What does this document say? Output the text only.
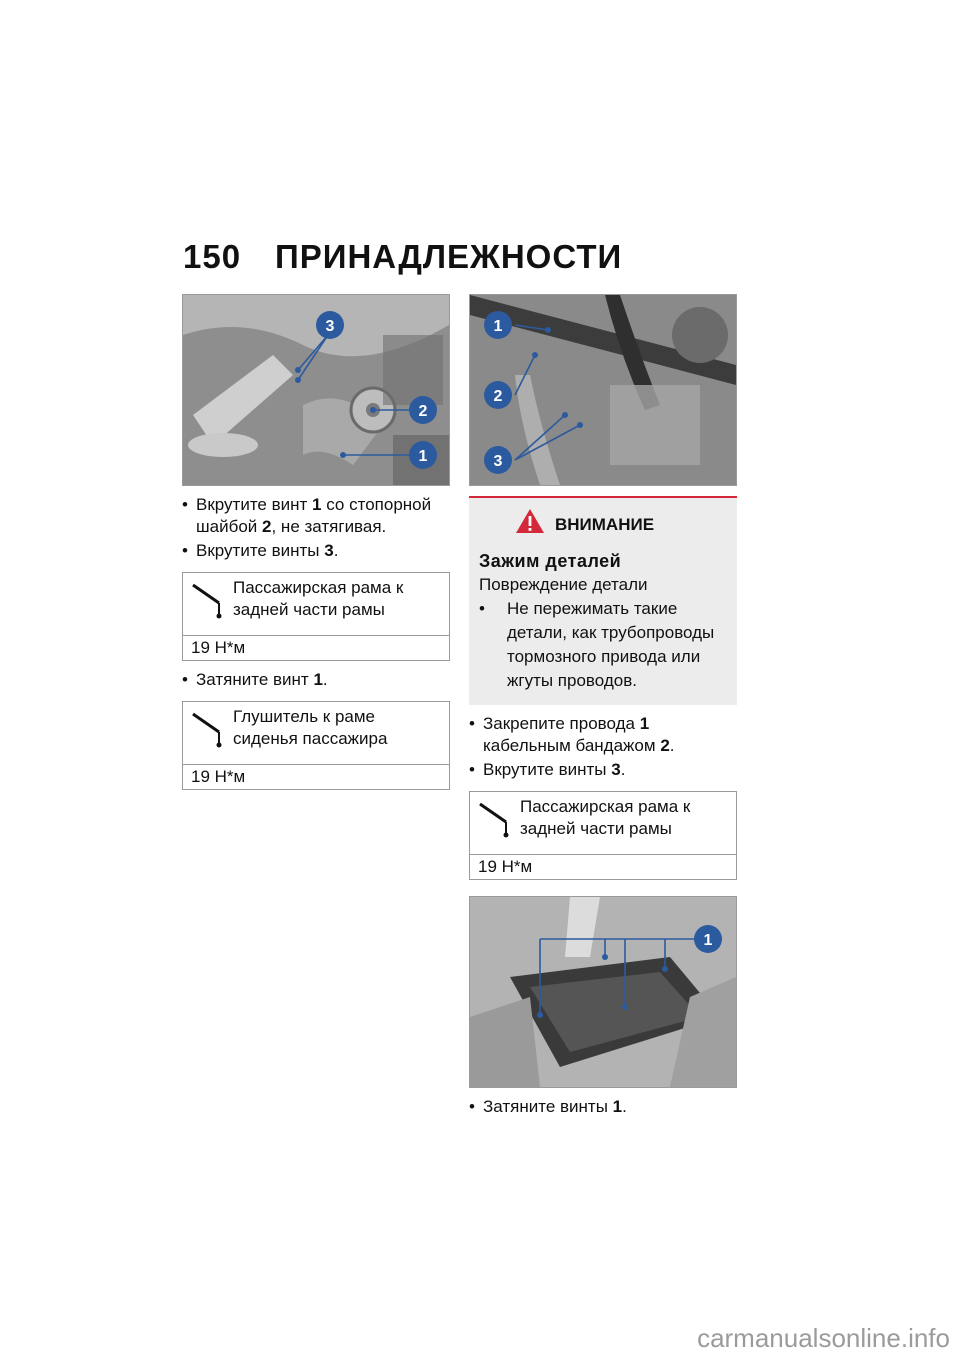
150 ПРИНАДЛЕЖНОСТИ
3
2
1
• Вкрутите винт 1 со стопорной шайбой 2, не затягивая.
• Вкрутите винты 3.
Пассажирская рама к задней части рамы
19 Н*м
• Затяните винт 1.
Глушитель к раме сиденья пассажира
19 Н*м
1
2
3
ВНИМАНИЕ
Зажим деталей
Повреждение детали
• Не пережимать такие детали, как трубопроводы тормозного привода или жгуты проводов.
• Закрепите провода 1 кабельным бандажом 2.
• Вкрутите винты 3.
Пассажирская рама к задней части рамы
19 Н*м
1
• Затяните винты 1.
carmanualsonline.info
